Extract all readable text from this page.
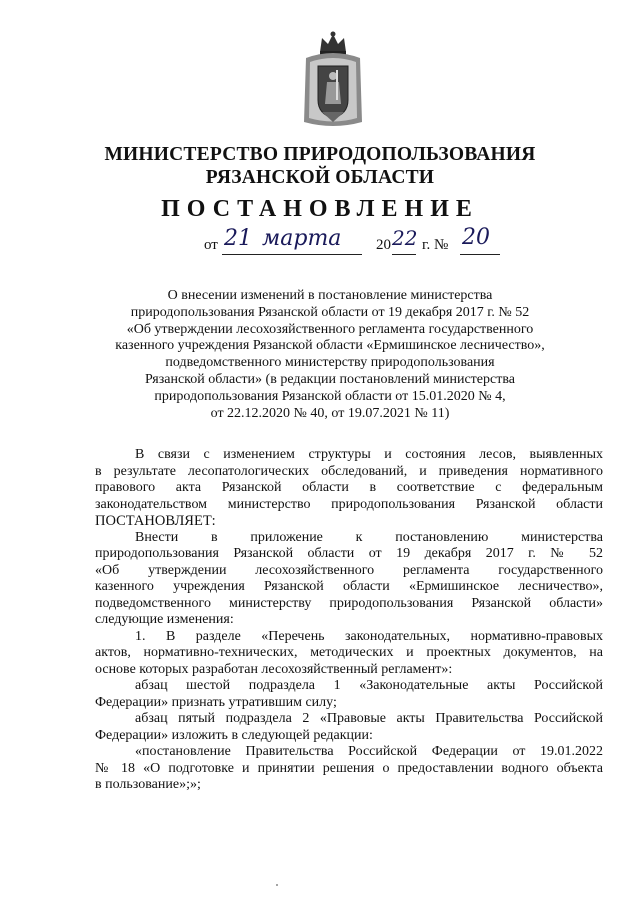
МИНИСТЕРСТВО ПРИРОДОПОЛЬЗОВАНИЯ
РЯЗАНСКОЙ ОБЛАСТИ
ПОСТАНОВЛЕНИЕ
от 21 марта 20 22 г. № 20
О внесении изменений в постановление министерства
природопользования Рязанской области от 19 декабря 2017 г. № 52
«Об утверждении лесохозяйственного регламента государственного
казенного учреждения Рязанской области «Ермишинское лесничество»,
подведомственного министерству природопользования
Рязанской области» (в редакции постановлений министерства
природопользования Рязанской области от 15.01.2020 № 4,
от 22.12.2020 № 40, от 19.07.2021 № 11)
В связи с изменением структуры и состояния лесов, выявленных
в результате лесопатологических обследований, и приведения нормативного
правового акта Рязанской области в соответствие с федеральным
законодательством министерство природопользования Рязанской области
ПОСТАНОВЛЯЕТ:
Внести в приложение к постановлению министерства
природопользования Рязанской области от 19 декабря 2017 г. № 52
«Об утверждении лесохозяйственного регламента государственного
казенного учреждения Рязанской области «Ермишинское лесничество»,
подведомственного министерству природопользования Рязанской области»
следующие изменения:
1. В разделе «Перечень законодательных, нормативно-правовых
актов, нормативно-технических, методических и проектных документов, на
основе которых разработан лесохозяйственный регламент»:
абзац шестой подраздела 1 «Законодательные акты Российской
Федерации» признать утратившим силу;
абзац пятый подраздела 2 «Правовые акты Правительства Российской
Федерации» изложить в следующей редакции:
«постановление Правительства Российской Федерации от 19.01.2022
№ 18 «О подготовке и принятии решения о предоставлении водного объекта
в пользование»;»;
